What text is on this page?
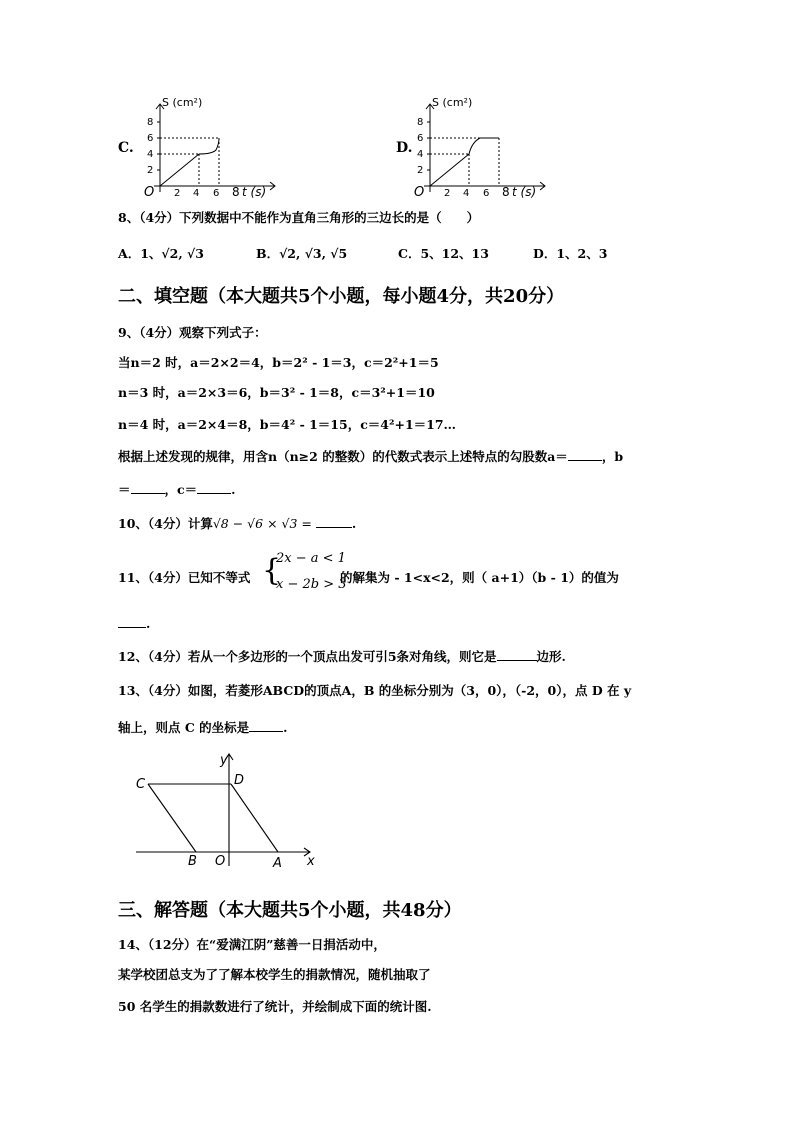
C.
S (cm²)
8
6
4
2
2 4 6 8
O	t (s)
D.
S (cm²)
8
6
4
2
2 4 6 8
O	t (s)
8、（4分）下列数据中不能作为直角三角形的三边长的是（　　）
A．1、√2, √3	B．√2, √3, √5	C．5、12、13	D．1、2、3
二、填空题（本大题共5个小题，每小题4分，共20分）
9、（4分）观察下列式子：
当n＝2 时，a＝2×2＝4，b＝2² - 1＝3，c＝2²+1＝5
n＝3 时，a＝2×3＝6，b＝3² - 1＝8，c＝3²+1＝10
n＝4 时，a＝2×4＝8，b＝4² - 1＝15，c＝4²+1＝17…
根据上述发现的规律，用含n（n≥2 的整数）的代数式表示上述特点的勾股数a＝	，b
＝	，c＝	.
10、（4分）计算√8 − √6 × √3 =	.
11、（4分）已知不等式 {
2x − a < 1
x − 2b > 3
的解集为 - 1<x<2，则（ a+1）（b - 1）的值为
.
12、（4分）若从一个多边形的一个顶点出发可引5条对角线，则它是	边形.
13、（4分）如图，若菱形ABCD的顶点A，B 的坐标分别为（3，0），（-2，0），点 D 在 y
轴上，则点 C 的坐标是	.
C	D
y
B O	A x
三、解答题（本大题共5个小题，共48分）
14、（12分）在“爱满江阴”慈善一日捐活动中，
某学校团总支为了了解本校学生的捐款情况，随机抽取了
50 名学生的捐款数进行了统计，并绘制成下面的统计图.
